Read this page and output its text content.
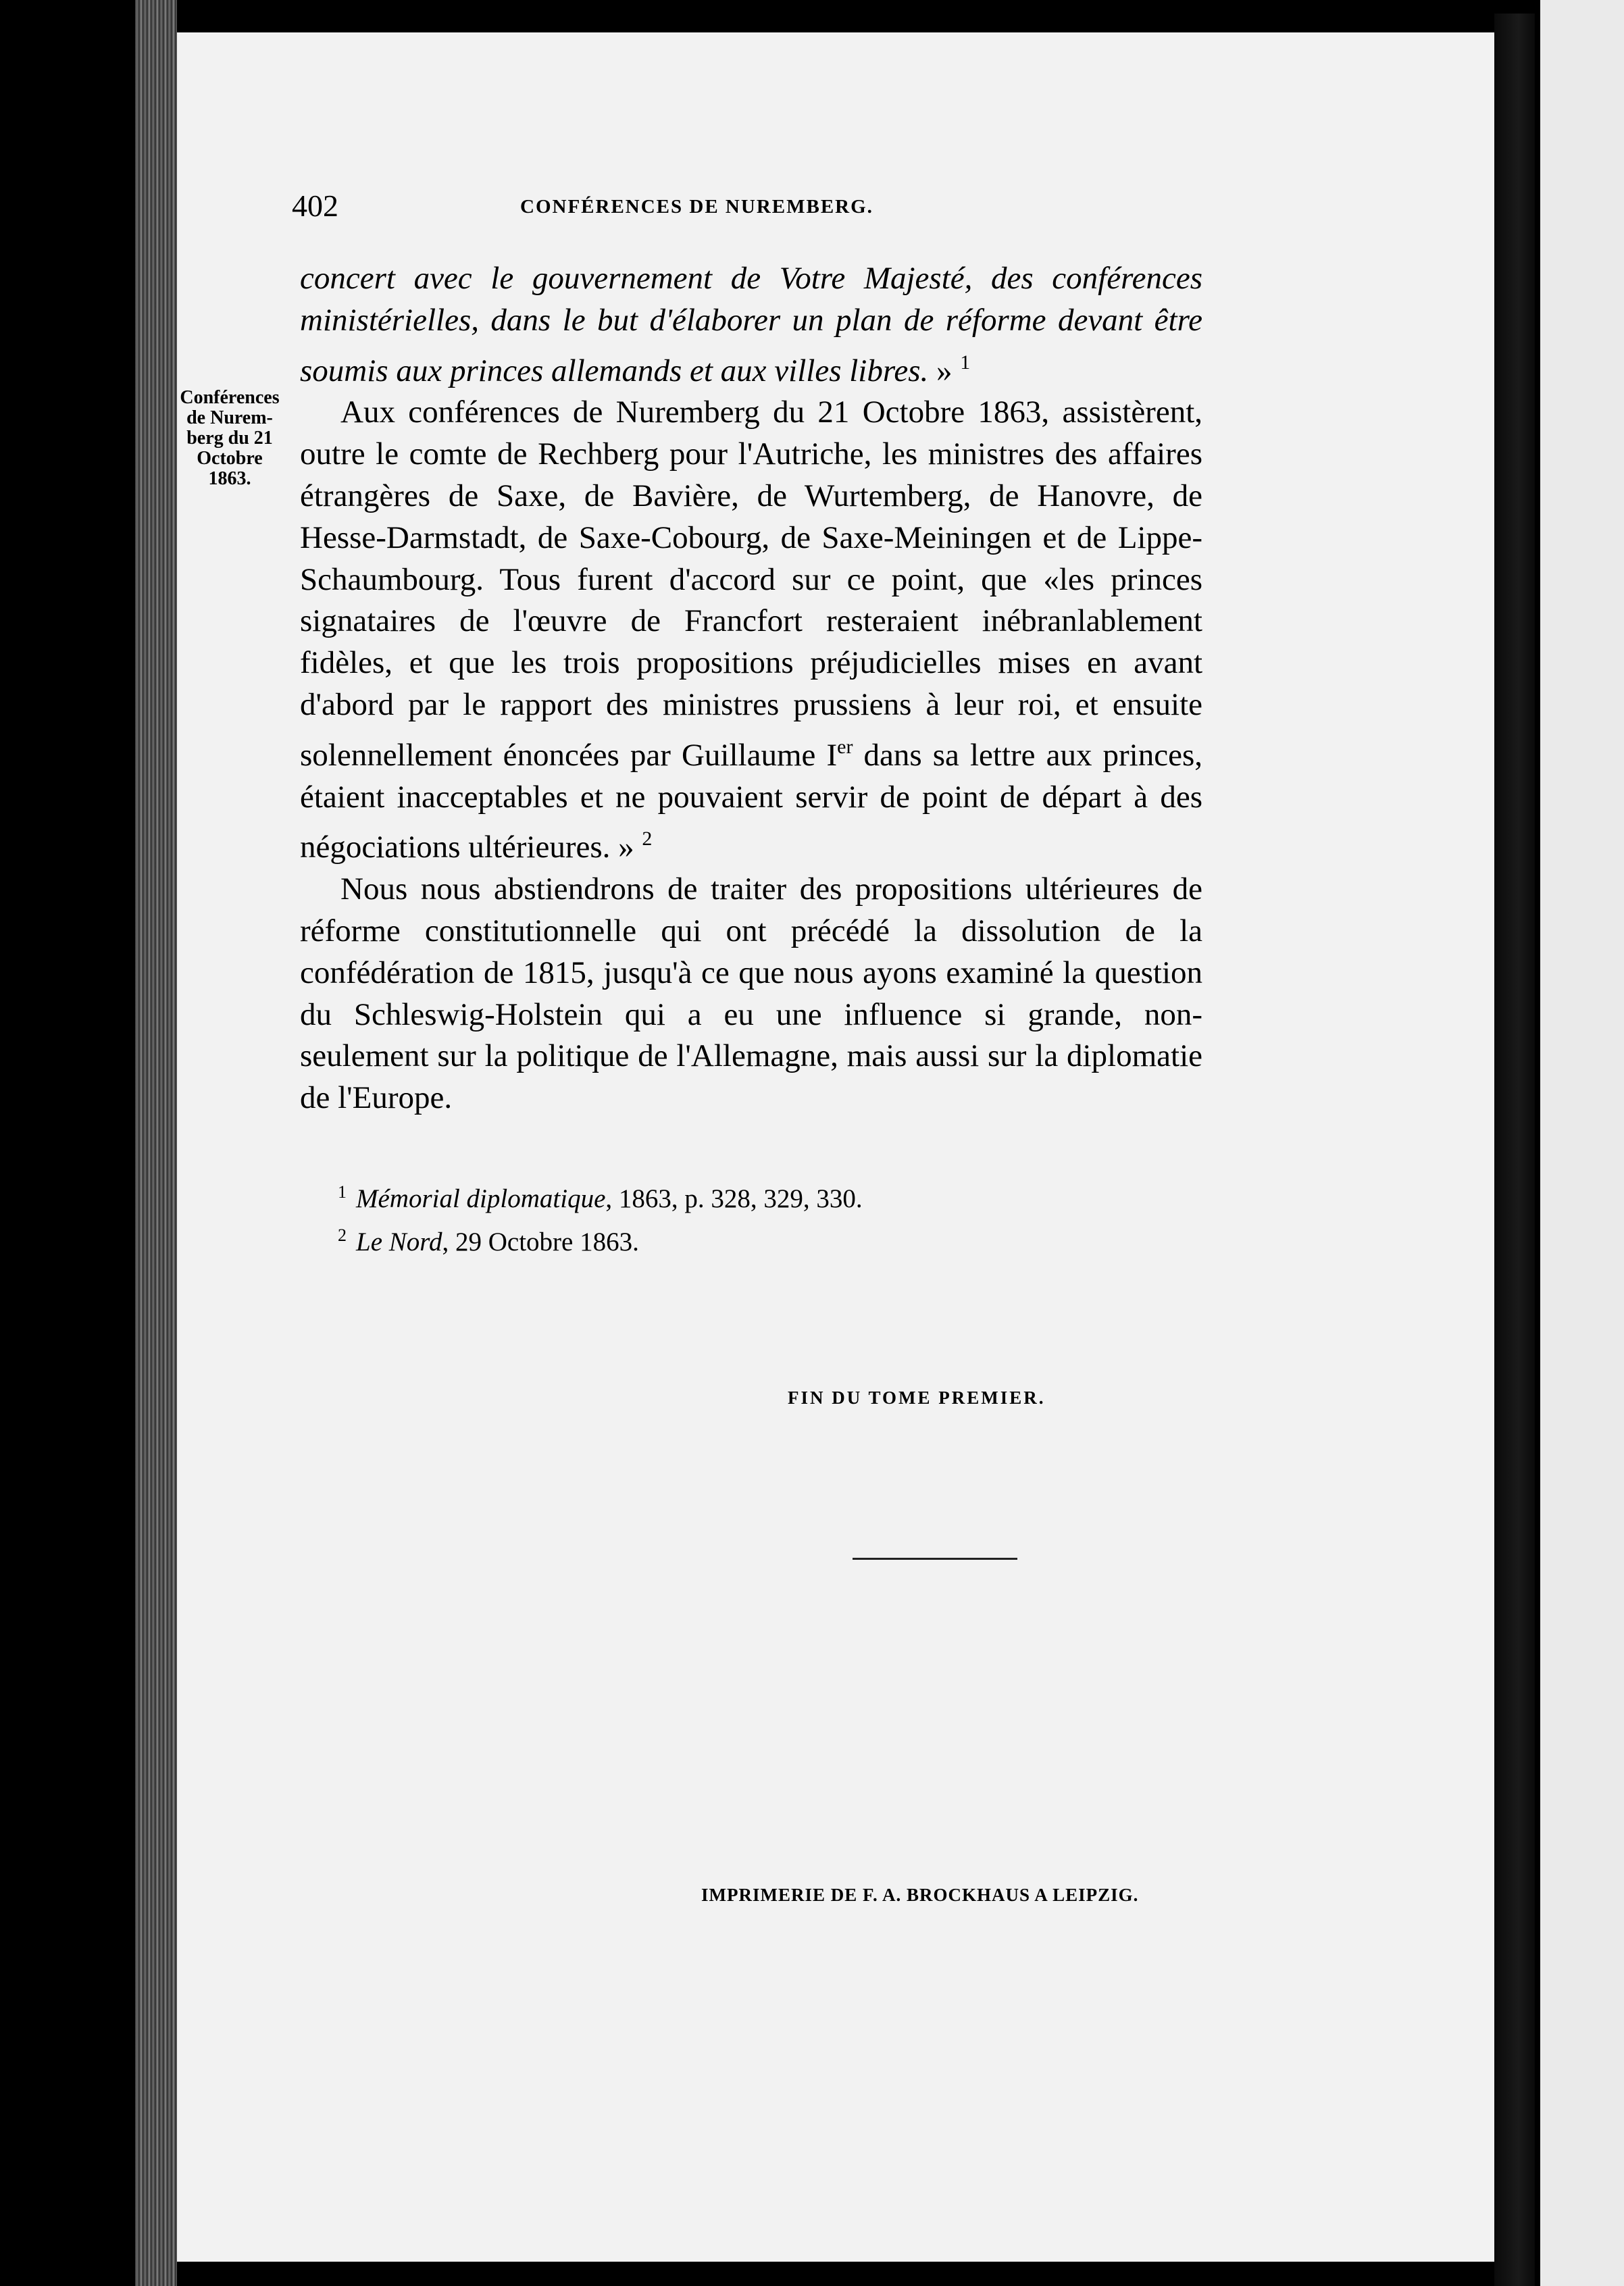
402	CONFÉRENCES DE NUREMBERG.
Conférences
de Nurem-
berg du 21
Octobre
1863.

concert avec le gouvernement de Votre Majesté, des conférences ministérielles, dans le but d'élaborer un plan de réforme devant être soumis aux princes allemands et aux villes libres. » $^1$

Aux conférences de Nuremberg du 21 Octobre 1863, assistèrent, outre le comte de Rechberg pour l'Autriche, les ministres des affaires étrangères de Saxe, de Bavière, de Wurtemberg, de Hanovre, de Hesse-Darmstadt, de Saxe-Cobourg, de Saxe-Meiningen et de Lippe-Schaumbourg. Tous furent d'accord sur ce point, que «les princes signataires de l'œuvre de Francfort resteraient inébranlablement fidèles, et que les trois propositions préjudicielles mises en avant d'abord par le rapport des ministres prussiens à leur roi, et ensuite solennellement énoncées par Guillaume Ier dans sa lettre aux princes, étaient inacceptables et ne pouvaient servir de point de départ à des négociations ultérieures. » $^2$

Nous nous abstiendrons de traiter des propositions ultérieures de réforme constitutionnelle qui ont précédé la dissolution de la confédération de 1815, jusqu'à ce que nous ayons examiné la question du Schleswig-Holstein qui a eu une influence si grande, non-seulement sur la politique de l'Allemagne, mais aussi sur la diplomatie de l'Europe.

$^1$ Mémorial diplomatique, 1863, p. 328, 329, 330.
$^2$ Le Nord, 29 Octobre 1863.
FIN DU TOME PREMIER.
IMPRIMERIE DE F. A. BROCKHAUS A LEIPZIG.
